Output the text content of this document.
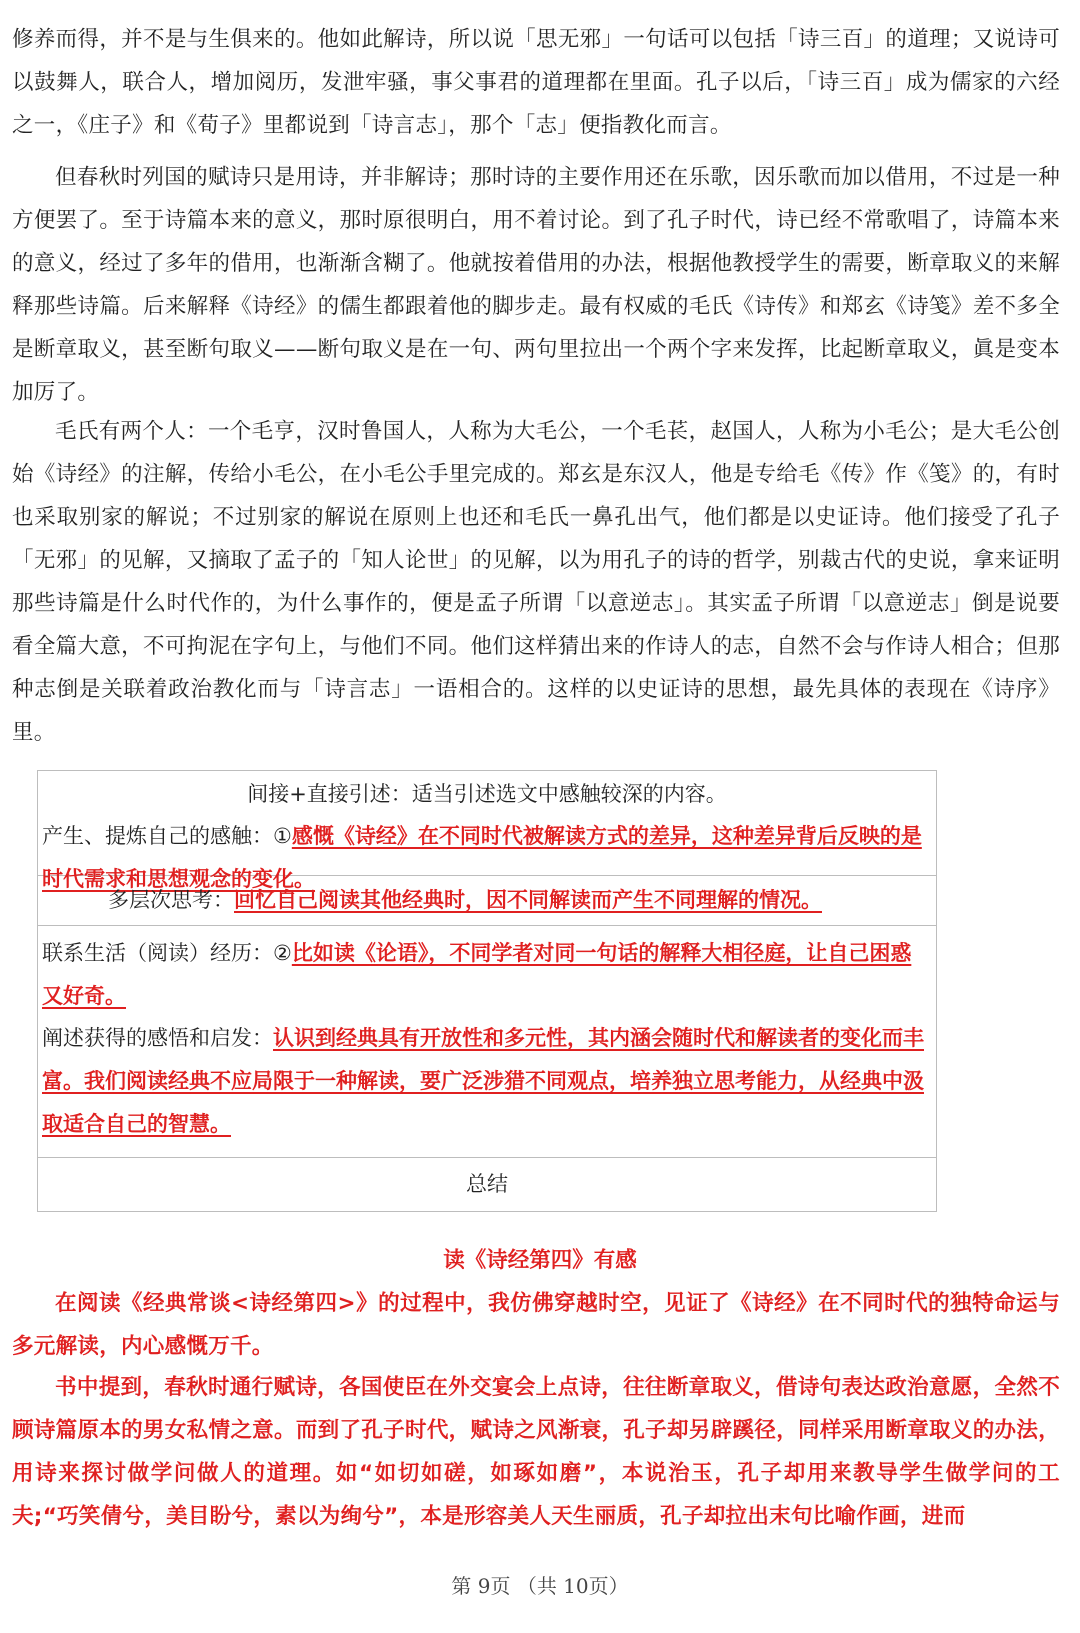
修养而得，并不是与生俱来的。他如此解诗，所以说「思无邪」一句话可以包括「诗三百」的道理；又说诗可以鼓舞人，联合人，增加阅历，发泄牢骚，事父事君的道理都在里面。孔子以后，「诗三百」成为儒家的六经之一，《庄子》和《荀子》里都说到「诗言志」，那个「志」便指教化而言。

但春秋时列国的赋诗只是用诗，并非解诗；那时诗的主要作用还在乐歌，因乐歌而加以借用，不过是一种方便罢了。至于诗篇本来的意义，那时原很明白，用不着讨论。到了孔子时代，诗已经不常歌唱了，诗篇本来的意义，经过了多年的借用，也渐渐含糊了。他就按着借用的办法，根据他教授学生的需要，断章取义的来解释那些诗篇。后来解释《诗经》的儒生都跟着他的脚步走。最有权威的毛氏《诗传》和郑玄《诗笺》差不多全是断章取义，甚至断句取义——断句取义是在一句、两句里拉出一个两个字来发挥，比起断章取义，眞是变本加厉了。

毛氏有两个人：一个毛亨，汉时鲁国人，人称为大毛公，一个毛苌，赵国人，人称为小毛公；是大毛公创始《诗经》的注解，传给小毛公，在小毛公手里完成的。郑玄是东汉人，他是专给毛《传》作《笺》的，有时也采取别家的解说；不过别家的解说在原则上也还和毛氏一鼻孔出气，他们都是以史证诗。他们接受了孔子「无邪」的见解，又摘取了孟子的「知人论世」的见解，以为用孔子的诗的哲学，别裁古代的史说，拿来证明那些诗篇是什么时代作的，为什么事作的，便是孟子所谓「以意逆志」。其实孟子所谓「以意逆志」倒是说要看全篇大意，不可拘泥在字句上，与他们不同。他们这样猜出来的作诗人的志，自然不会与作诗人相合；但那种志倒是关联着政治教化而与「诗言志」一语相合的。这样的以史证诗的思想，最先具体的表现在《诗序》里。

间接+直接引述：适当引述选文中感触较深的内容。
产生、提炼自己的感触：①感慨《诗经》在不同时代被解读方式的差异，这种差异背后反映的是时代需求和思想观念的变化。
多层次思考：回忆自己阅读其他经典时，因不同解读而产生不同理解的情况。
联系生活（阅读）经历：②比如读《论语》，不同学者对同一句话的解释大相径庭，让自己困惑又好奇。
阐述获得的感悟和启发：认识到经典具有开放性和多元性，其内涵会随时代和解读者的变化而丰富。我们阅读经典不应局限于一种解读，要广泛涉猎不同观点，培养独立思考能力，从经典中汲取适合自己的智慧。
总结
读《诗经第四》有感

在阅读《经典常谈<诗经第四>》的过程中，我仿佛穿越时空，见证了《诗经》在不同时代的独特命运与多元解读，内心感慨万千。

书中提到，春秋时通行赋诗，各国使臣在外交宴会上点诗，往往断章取义，借诗句表达政治意愿，全然不顾诗篇原本的男女私情之意。而到了孔子时代，赋诗之风渐衰，孔子却另辟蹊径，同样采用断章取义的办法，用诗来探讨做学问做人的道理。如“如切如磋，如琢如磨”，本说治玉，孔子却用来教导学生做学问的工夫;“巧笑倩兮，美目盼兮，素以为绚兮”，本是形容美人天生丽质，孔子却拉出末句比喻作画，进而

第 9页 （共 10页）
